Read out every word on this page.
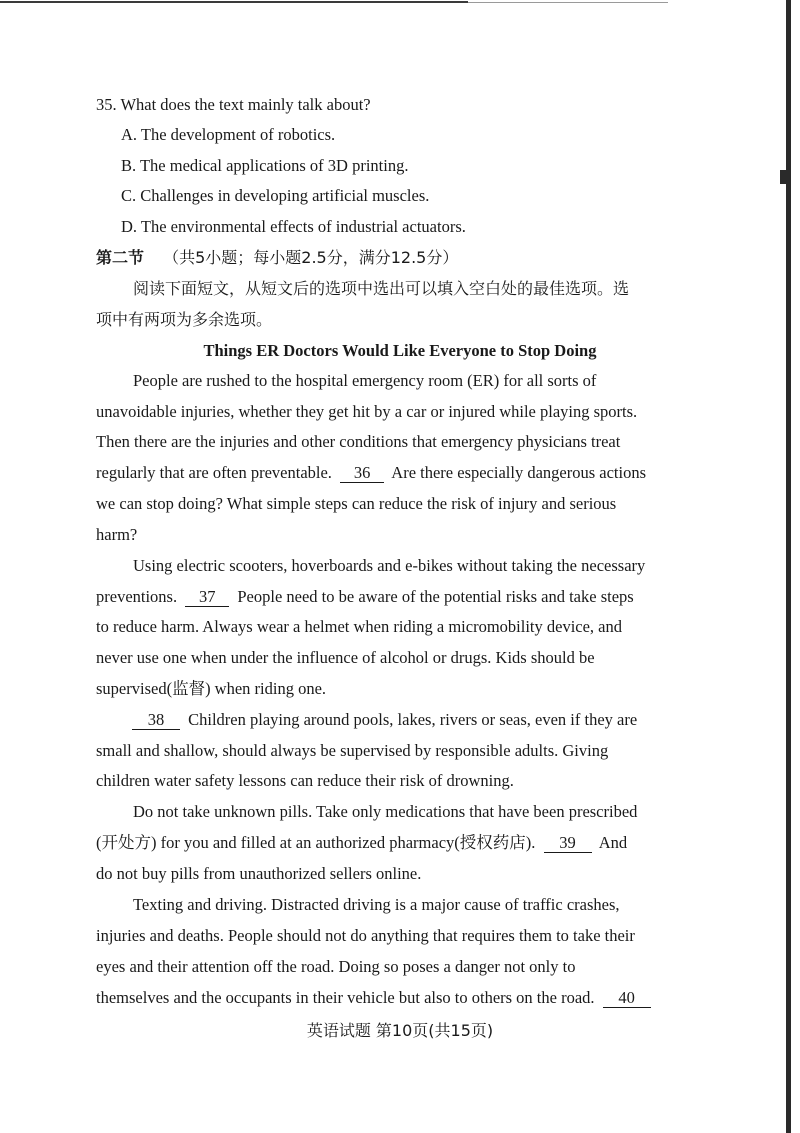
35. What does the text mainly talk about?
A. The development of robotics.
B. The medical applications of 3D printing.
C. Challenges in developing artificial muscles.
D. The environmental effects of industrial actuators.
第二节 （共5小题；每小题2.5分，满分12.5分）
阅读下面短文，从短文后的选项中选出可以填入空白处的最佳选项。选
项中有两项为多余选项。
Things ER Doctors Would Like Everyone to Stop Doing
People are rushed to the hospital emergency room (ER) for all sorts of
unavoidable injuries, whether they get hit by a car or injured while playing sports.
Then there are the injuries and other conditions that emergency physicians treat
regularly that are often preventable. 36 Are there especially dangerous actions
we can stop doing? What simple steps can reduce the risk of injury and serious
harm?
Using electric scooters, hoverboards and e-bikes without taking the necessary
preventions. 37 People need to be aware of the potential risks and take steps
to reduce harm. Always wear a helmet when riding a micromobility device, and
never use one when under the influence of alcohol or drugs. Kids should be
supervised(监督) when riding one.
38 Children playing around pools, lakes, rivers or seas, even if they are
small and shallow, should always be supervised by responsible adults. Giving
children water safety lessons can reduce their risk of drowning.
Do not take unknown pills. Take only medications that have been prescribed
(开处方) for you and filled at an authorized pharmacy(授权药店). 39 And
do not buy pills from unauthorized sellers online.
Texting and driving. Distracted driving is a major cause of traffic crashes,
injuries and deaths. People should not do anything that requires them to take their
eyes and their attention off the road. Doing so poses a danger not only to
themselves and the occupants in their vehicle but also to others on the road. 40
英语试题 第10页(共15页)
